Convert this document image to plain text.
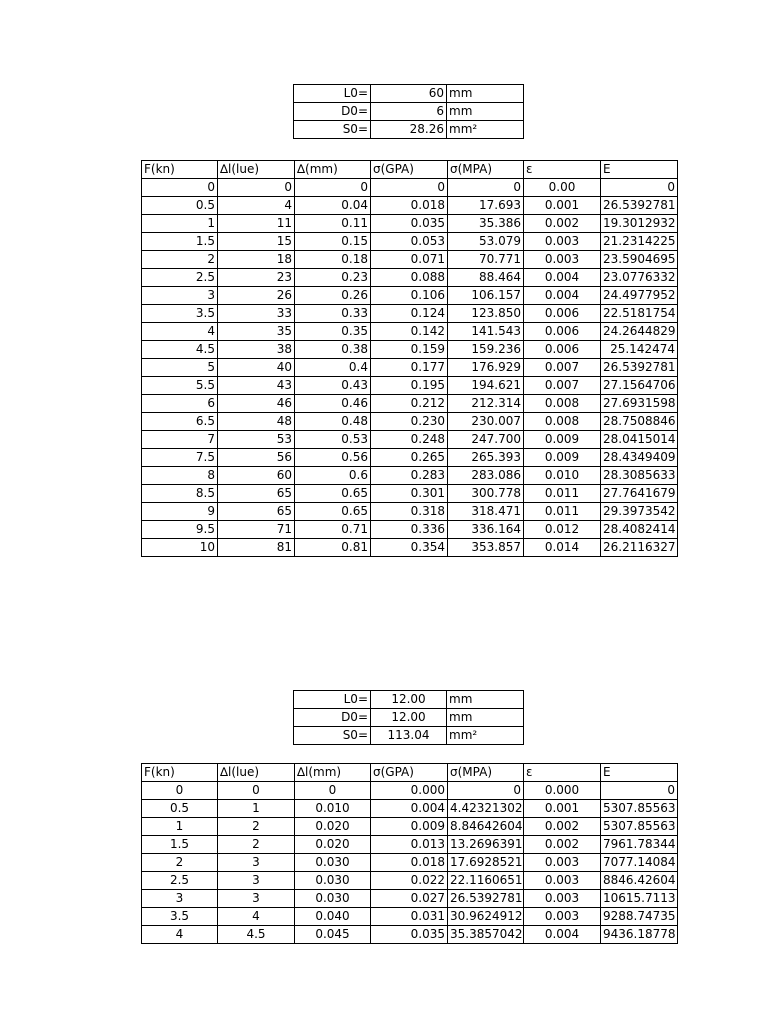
L0=	60	mm
D0=	6	mm
S0=	28.26	mm²
F(kn)	∆l(lue)	∆(mm)	σ(GPA)	σ(MPA)	ε	E
0	0	0	0	0	0.00	0
0.5	4	0.04	0.018	17.693	0.001	26.5392781
1	11	0.11	0.035	35.386	0.002	19.3012932
1.5	15	0.15	0.053	53.079	0.003	21.2314225
2	18	0.18	0.071	70.771	0.003	23.5904695
2.5	23	0.23	0.088	88.464	0.004	23.0776332
3	26	0.26	0.106	106.157	0.004	24.4977952
3.5	33	0.33	0.124	123.850	0.006	22.5181754
4	35	0.35	0.142	141.543	0.006	24.2644829
4.5	38	0.38	0.159	159.236	0.006	25.142474
5	40	0.4	0.177	176.929	0.007	26.5392781
5.5	43	0.43	0.195	194.621	0.007	27.1564706
6	46	0.46	0.212	212.314	0.008	27.6931598
6.5	48	0.48	0.230	230.007	0.008	28.7508846
7	53	0.53	0.248	247.700	0.009	28.0415014
7.5	56	0.56	0.265	265.393	0.009	28.4349409
8	60	0.6	0.283	283.086	0.010	28.3085633
8.5	65	0.65	0.301	300.778	0.011	27.7641679
9	65	0.65	0.318	318.471	0.011	29.3973542
9.5	71	0.71	0.336	336.164	0.012	28.4082414
10	81	0.81	0.354	353.857	0.014	26.2116327
L0=	12.00	mm
D0=	12.00	mm
S0=	113.04	mm²
F(kn)	∆l(lue)	∆l(mm)	σ(GPA)	σ(MPA)	ε	E
0	0	0	0.000	0	0.000	0
0.5	1	0.010	0.004	4.42321302	0.001	5307.85563
1	2	0.020	0.009	8.84642604	0.002	5307.85563
1.5	2	0.020	0.013	13.2696391	0.002	7961.78344
2	3	0.030	0.018	17.6928521	0.003	7077.14084
2.5	3	0.030	0.022	22.1160651	0.003	8846.42604
3	3	0.030	0.027	26.5392781	0.003	10615.7113
3.5	4	0.040	0.031	30.9624912	0.003	9288.74735
4	4.5	0.045	0.035	35.3857042	0.004	9436.18778
